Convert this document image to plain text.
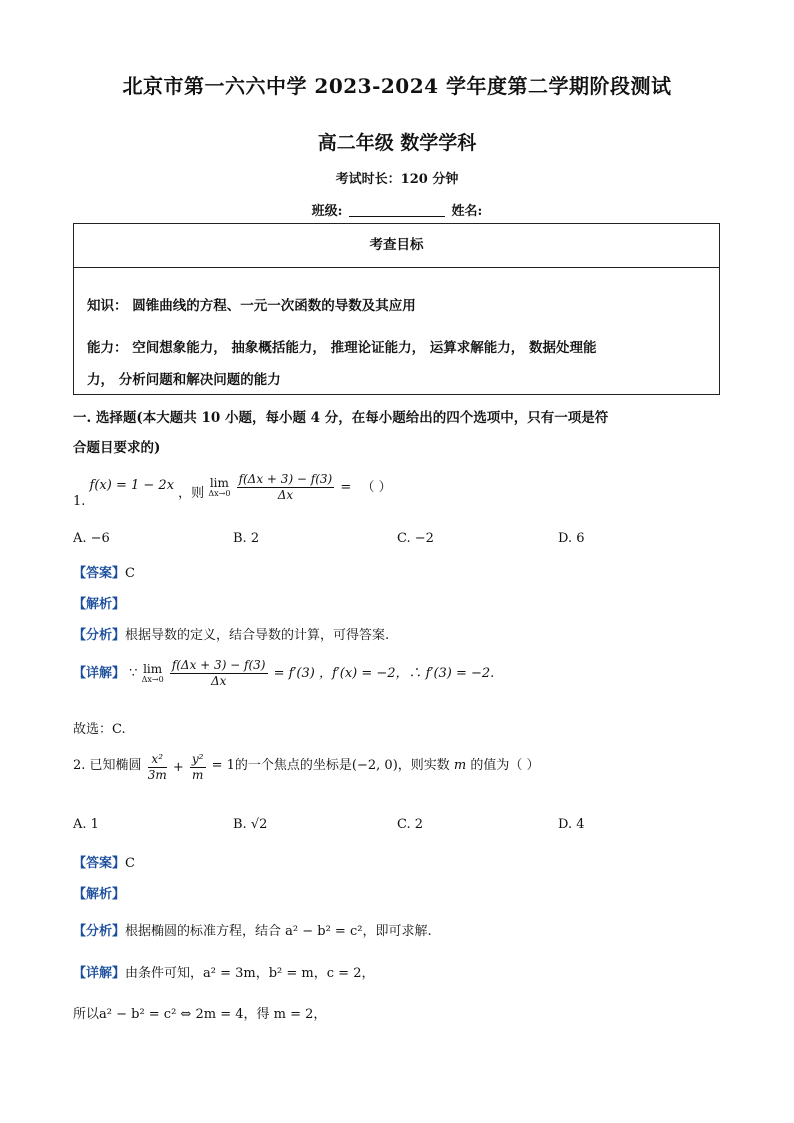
北京市第一六六中学 2023-2024 学年度第二学期阶段测试
高二年级 数学学科
考试时长：120 分钟
班级:	姓名:
考查目标
知识： 圆锥曲线的方程、一元一次函数的导数及其应用
能力： 空间想象能力， 抽象概括能力， 推理论证能力， 运算求解能力， 数据处理能
力， 分析问题和解决问题的能力
一. 选择题(本大题共 10 小题，每小题 4 分，在每小题给出的四个选项中，只有一项是符
合题目要求的)
1. f(x) = 1 − 2x ，则 lim
Δx→0
$\frac{f(\Delta x + 3) - f(3)}{\Delta x}$ = （ ）
A. −6	B. 2	C. −2	D. 6
【答案】C
【解析】
【分析】根据导数的定义，结合导数的计算，可得答案.
【详解】 ∵ lim
Δx→0
$\frac{f(\Delta x + 3) - f(3)}{\Delta x} = f'(3)$ ，f′(x) = −2，∴ f′(3) = −2.
故选：C.
2. 已知椭圆 $\frac{\text{x²}}{3m} + \frac{\text{y²}}{m} = 1$的一个焦点的坐标是(−2, 0)，则实数 m 的值为（ ）
A. 1	B. √2	C. 2	D. 4
【答案】C
【解析】
【分析】根据椭圆的标准方程，结合 a² − b² = c²，即可求解.
【详解】由条件可知，a² = 3m，b² = m，c = 2，
所以a² − b² = c² ⇔ 2m = 4，得 m = 2，
